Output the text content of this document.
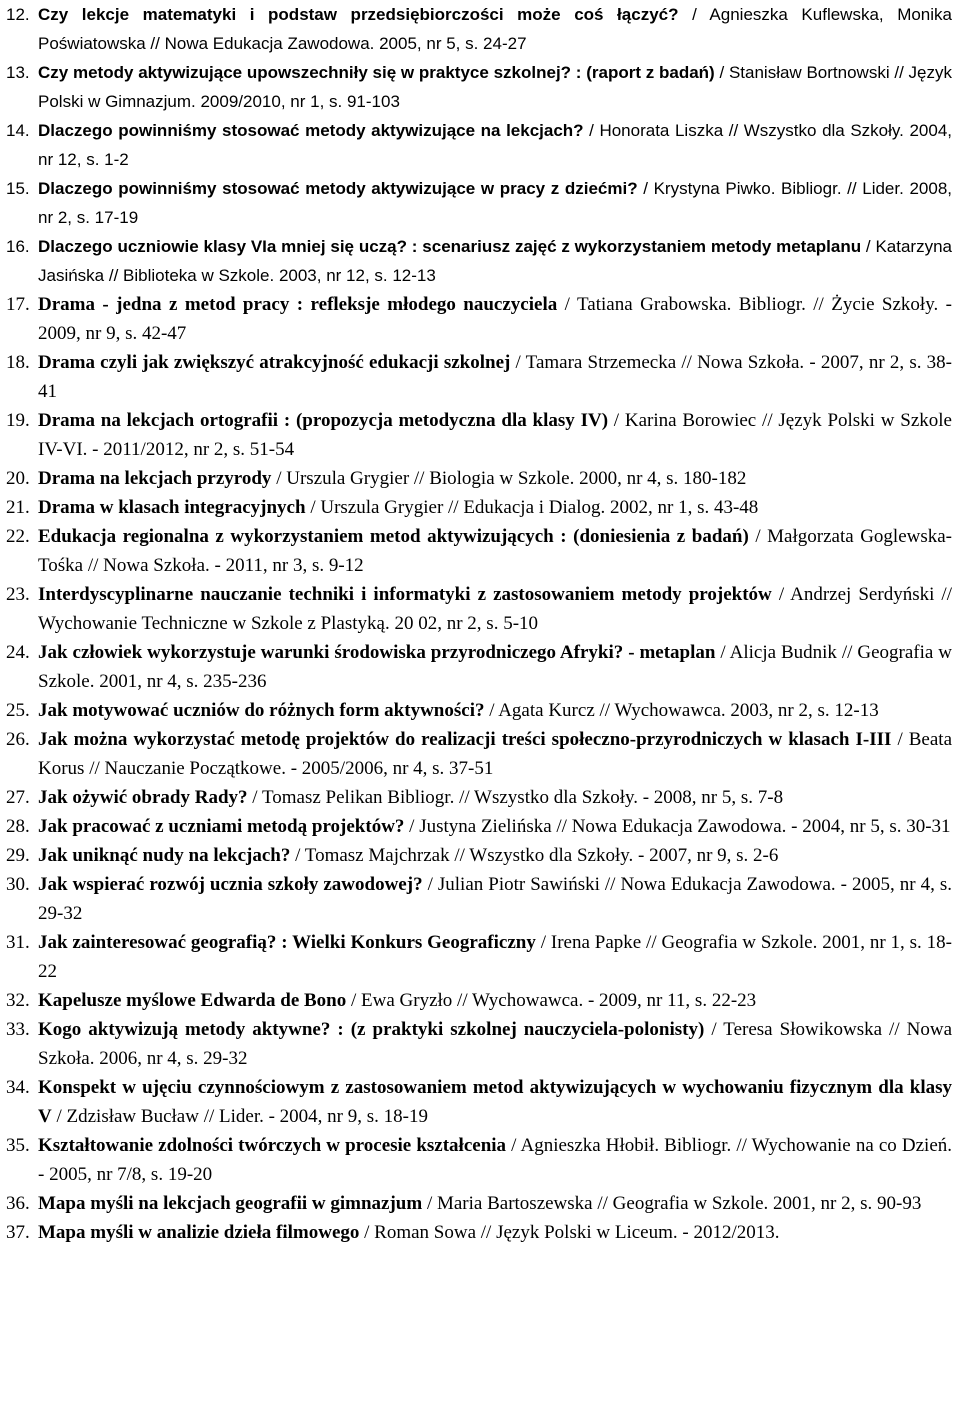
12. Czy lekcje matematyki i podstaw przedsiębiorczości może coś łączyć? / Agnieszka Kuflewska, Monika Poświatowska // Nowa Edukacja Zawodowa. 2005, nr 5, s. 24-27
13. Czy metody aktywizujące upowszechniły się w praktyce szkolnej? : (raport z badań) / Stanisław Bortnowski // Język Polski w Gimnazjum. 2009/2010, nr 1, s. 91-103
14. Dlaczego powinniśmy stosować metody aktywizujące na lekcjach? / Honorata Liszka // Wszystko dla Szkoły. 2004, nr 12, s. 1-2
15. Dlaczego powinniśmy stosować metody aktywizujące w pracy z dziećmi? / Krystyna Piwko. Bibliogr. // Lider. 2008, nr 2, s. 17-19
16. Dlaczego uczniowie klasy VIa mniej się uczą? : scenariusz zajęć z wykorzystaniem metody metaplanu / Katarzyna Jasińska // Biblioteka w Szkole. 2003, nr 12, s. 12-13
17. Drama - jedna z metod pracy : refleksje młodego nauczyciela / Tatiana Grabowska. Bibliogr. // Życie Szkoły. - 2009, nr 9, s. 42-47
18. Drama czyli jak zwiększyć atrakcyjność edukacji szkolnej / Tamara Strzemecka // Nowa Szkoła. - 2007, nr 2, s. 38-41
19. Drama na lekcjach ortografii : (propozycja metodyczna dla klasy IV) / Karina Borowiec // Język Polski w Szkole IV-VI. - 2011/2012, nr 2, s. 51-54
20. Drama na lekcjach przyrody / Urszula Grygier // Biologia w Szkole. 2000, nr 4, s. 180-182
21. Drama w klasach integracyjnych / Urszula Grygier // Edukacja i Dialog. 2002, nr 1, s. 43-48
22. Edukacja regionalna z wykorzystaniem metod aktywizujących : (doniesienia z badań) / Małgorzata Goglewska-Tośka // Nowa Szkoła. - 2011, nr 3, s. 9-12
23. Interdyscyplinarne nauczanie techniki i informatyki z zastosowaniem metody projektów / Andrzej Serdyński // Wychowanie Techniczne w Szkole z Plastyką. 20 02, nr 2, s. 5-10
24. Jak człowiek wykorzystuje warunki środowiska przyrodniczego Afryki? - metaplan / Alicja Budnik // Geografia w Szkole. 2001, nr 4, s. 235-236
25. Jak motywować uczniów do różnych form aktywności? / Agata Kurcz // Wychowawca. 2003, nr 2, s. 12-13
26. Jak można wykorzystać metodę projektów do realizacji treści społeczno-przyrodniczych w klasach I-III / Beata Korus // Nauczanie Początkowe. - 2005/2006, nr 4, s. 37-51
27. Jak ożywić obrady Rady? / Tomasz Pelikan Bibliogr. // Wszystko dla Szkoły. - 2008, nr 5, s. 7-8
28. Jak pracować z uczniami metodą projektów? / Justyna Zielińska // Nowa Edukacja Zawodowa. - 2004, nr 5, s. 30-31
29. Jak uniknąć nudy na lekcjach? / Tomasz Majchrzak // Wszystko dla Szkoły. - 2007, nr 9, s. 2-6
30. Jak wspierać rozwój ucznia szkoły zawodowej? / Julian Piotr Sawiński // Nowa Edukacja Zawodowa. - 2005, nr 4, s. 29-32
31. Jak zainteresować geografią? : Wielki Konkurs Geograficzny / Irena Papke // Geografia w Szkole. 2001, nr 1, s. 18-22
32. Kapelusze myślowe Edwarda de Bono / Ewa Gryzło // Wychowawca. - 2009, nr 11, s. 22-23
33. Kogo aktywizują metody aktywne? : (z praktyki szkolnej nauczyciela-polonisty) / Teresa Słowikowska // Nowa Szkoła. 2006, nr 4, s. 29-32
34. Konspekt w ujęciu czynnościowym z zastosowaniem metod aktywizujących w wychowaniu fizycznym dla klasy V / Zdzisław Bucław // Lider. - 2004, nr 9, s. 18-19
35. Kształtowanie zdolności twórczych w procesie kształcenia / Agnieszka Hłobił. Bibliogr. // Wychowanie na co Dzień. - 2005, nr 7/8, s. 19-20
36. Mapa myśli na lekcjach geografii w gimnazjum / Maria Bartoszewska // Geografia w Szkole. 2001, nr 2, s. 90-93
37. Mapa myśli w analizie dzieła filmowego / Roman Sowa // Język Polski w Liceum. - 2012/2013.
